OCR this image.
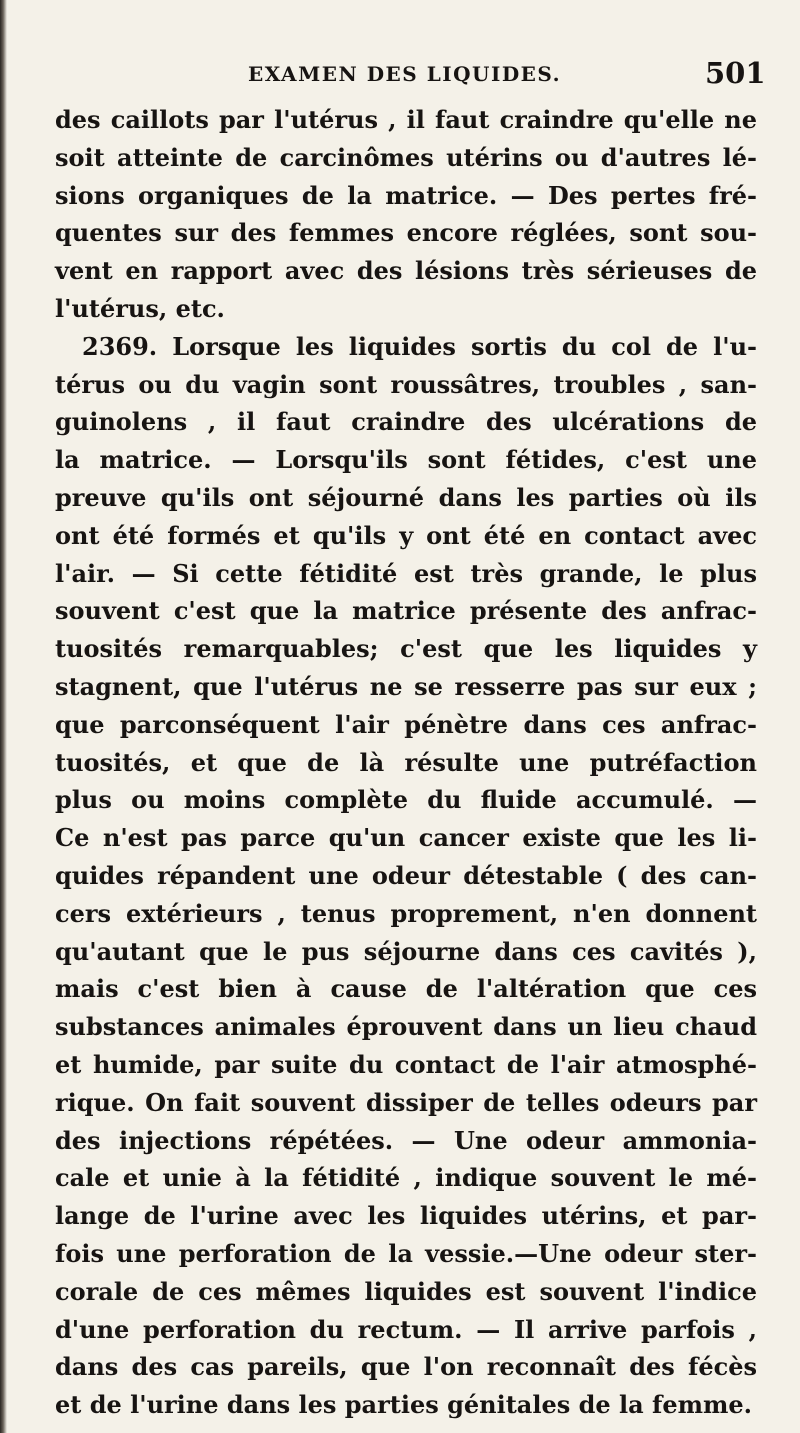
EXAMEN DES LIQUIDES.	501
des caillots par l'utérus , il faut craindre qu'elle ne
soit atteinte de carcinômes utérins ou d'autres lé-
sions organiques de la matrice. — Des pertes fré-
quentes sur des femmes encore réglées, sont sou-
vent en rapport avec des lésions très sérieuses de
l'utérus, etc.
2369. Lorsque les liquides sortis du col de l'u-
térus ou du vagin sont roussâtres, troubles , san-
guinolens , il faut craindre des ulcérations de
la matrice. — Lorsqu'ils sont fétides, c'est une
preuve qu'ils ont séjourné dans les parties où ils
ont été formés et qu'ils y ont été en contact avec
l'air. — Si cette fétidité est très grande, le plus
souvent c'est que la matrice présente des anfrac-
tuosités remarquables; c'est que les liquides y
stagnent, que l'utérus ne se resserre pas sur eux ;
que parconséquent l'air pénètre dans ces anfrac-
tuosités, et que de là résulte une putréfaction
plus ou moins complète du fluide accumulé. —
Ce n'est pas parce qu'un cancer existe que les li-
quides répandent une odeur détestable ( des can-
cers extérieurs , tenus proprement, n'en donnent
qu'autant que le pus séjourne dans ces cavités ),
mais c'est bien à cause de l'altération que ces
substances animales éprouvent dans un lieu chaud
et humide, par suite du contact de l'air atmosphé-
rique. On fait souvent dissiper de telles odeurs par
des injections répétées. — Une odeur ammonia-
cale et unie à la fétidité , indique souvent le mé-
lange de l'urine avec les liquides utérins, et par-
fois une perforation de la vessie.—Une odeur ster-
corale de ces mêmes liquides est souvent l'indice
d'une perforation du rectum. — Il arrive parfois ,
dans des cas pareils, que l'on reconnaît des fécès
et de l'urine dans les parties génitales de la femme.
